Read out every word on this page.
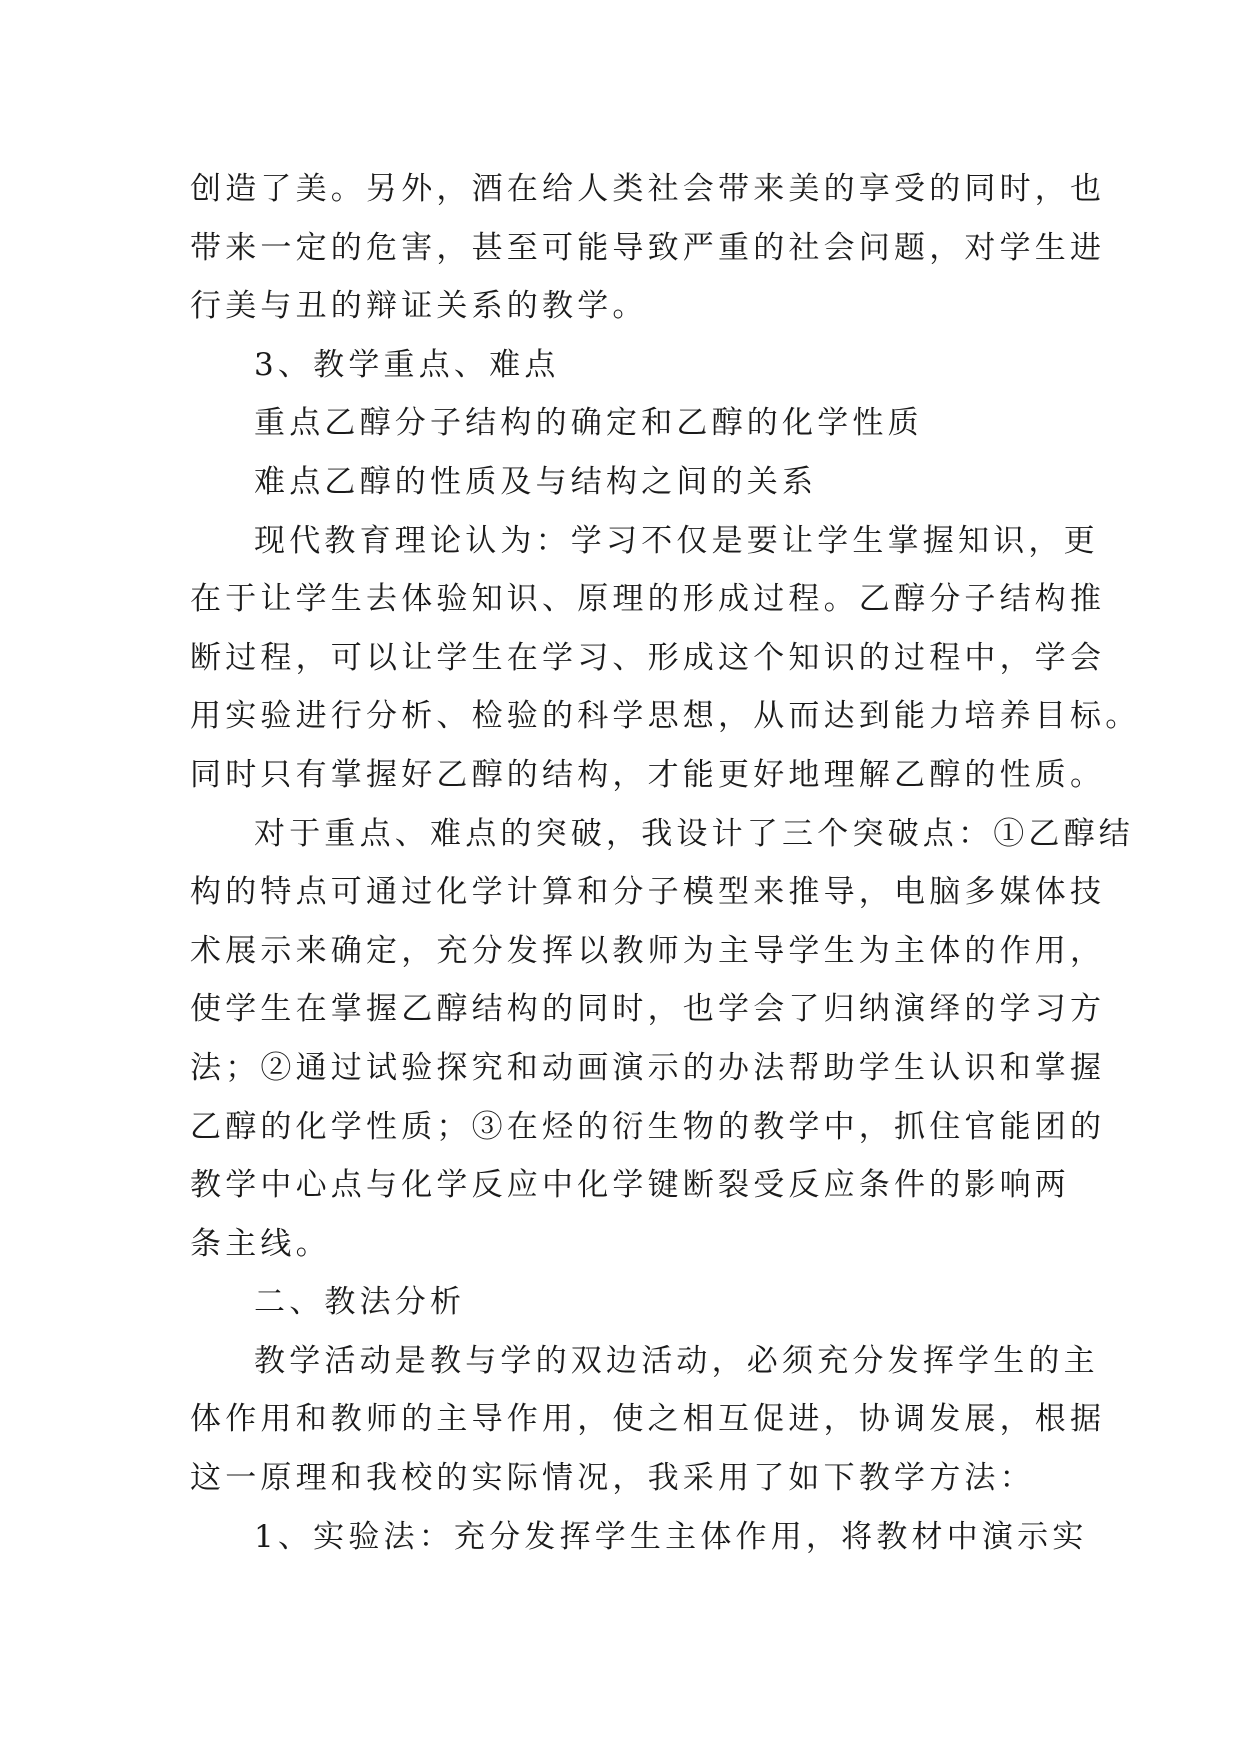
创造了美。另外，酒在给人类社会带来美的享受的同时，也
带来一定的危害，甚至可能导致严重的社会问题，对学生进
行美与丑的辩证关系的教学。
3、教学重点、难点
重点乙醇分子结构的确定和乙醇的化学性质
难点乙醇的性质及与结构之间的关系
现代教育理论认为：学习不仅是要让学生掌握知识，更
在于让学生去体验知识、原理的形成过程。乙醇分子结构推
断过程，可以让学生在学习、形成这个知识的过程中，学会
用实验进行分析、检验的科学思想，从而达到能力培养目标。
同时只有掌握好乙醇的结构，才能更好地理解乙醇的性质。
对于重点、难点的突破，我设计了三个突破点：①乙醇结
构的特点可通过化学计算和分子模型来推导，电脑多媒体技
术展示来确定，充分发挥以教师为主导学生为主体的作用，
使学生在掌握乙醇结构的同时，也学会了归纳演绎的学习方
法；②通过试验探究和动画演示的办法帮助学生认识和掌握
乙醇的化学性质；③在烃的衍生物的教学中，抓住官能团的
教学中心点与化学反应中化学键断裂受反应条件的影响两
条主线。
二、教法分析
教学活动是教与学的双边活动，必须充分发挥学生的主
体作用和教师的主导作用，使之相互促进，协调发展，根据
这一原理和我校的实际情况，我采用了如下教学方法：
1、实验法：充分发挥学生主体作用，将教材中演示实
